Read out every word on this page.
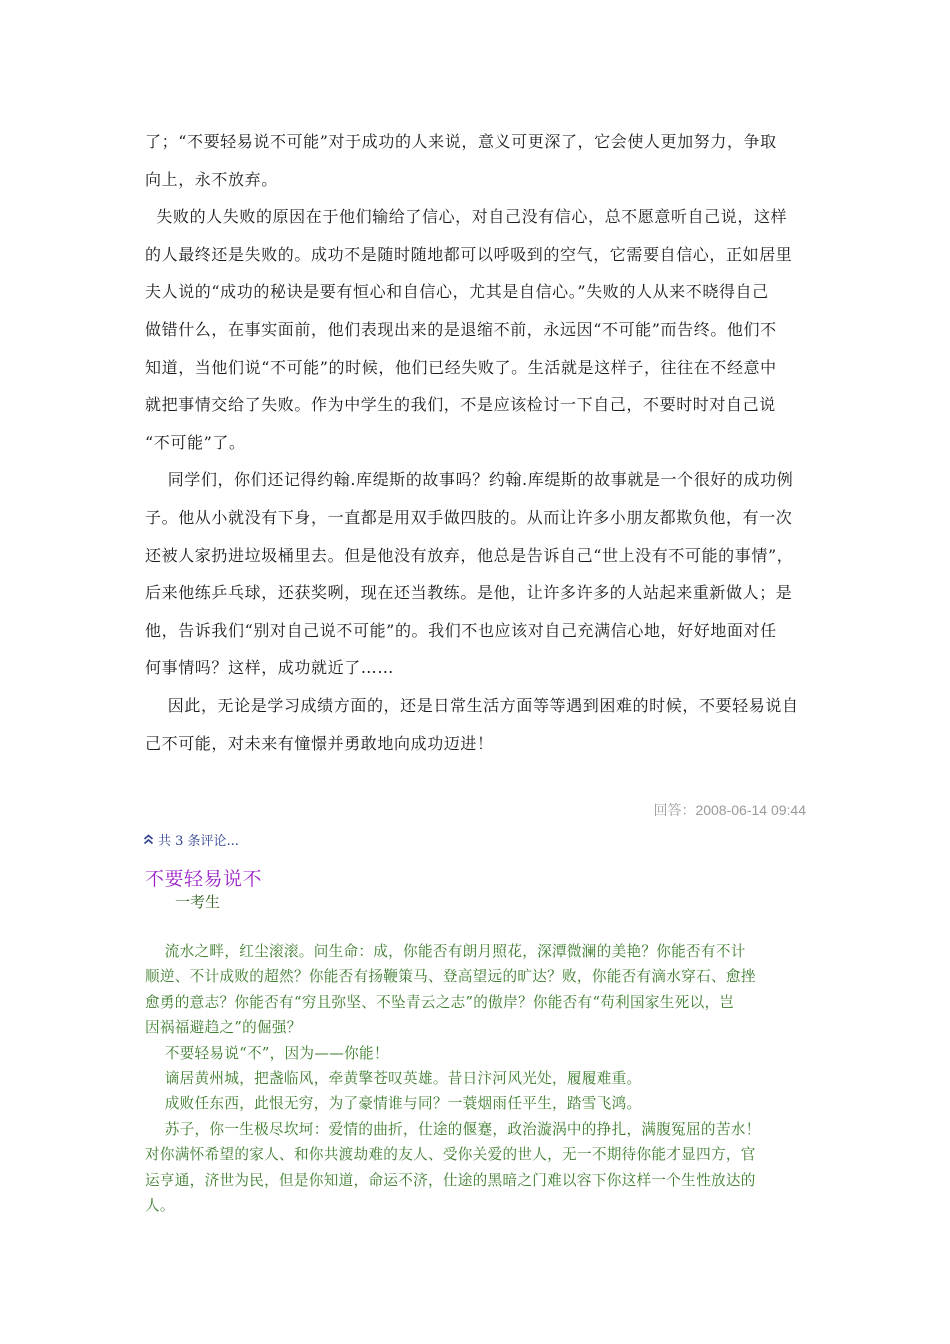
了；“不要轻易说不可能”对于成功的人来说，意义可更深了，它会使人更加努力，争取

向上，永不放弃。

失败的人失败的原因在于他们输给了信心，对自己没有信心，总不愿意听自己说，这样

的人最终还是失败的。成功不是随时随地都可以呼吸到的空气，它需要自信心，正如居里

夫人说的“成功的秘诀是要有恒心和自信心，尤其是自信心。”失败的人从来不晓得自己

做错什么，在事实面前，他们表现出来的是退缩不前，永远因“不可能”而告终。他们不

知道，当他们说“不可能”的时候，他们已经失败了。生活就是这样子，往往在不经意中

就把事情交给了失败。作为中学生的我们，不是应该检讨一下自己，不要时时对自己说

“不可能”了。

同学们，你们还记得约翰.库缇斯的故事吗？约翰.库缇斯的故事就是一个很好的成功例

子。他从小就没有下身，一直都是用双手做四肢的。从而让许多小朋友都欺负他，有一次

还被人家扔进垃圾桶里去。但是他没有放弃，他总是告诉自己“世上没有不可能的事情”，

后来他练乒乓球，还获奖咧，现在还当教练。是他，让许多许多的人站起来重新做人；是

他，告诉我们“别对自己说不可能”的。我们不也应该对自己充满信心地，好好地面对任

何事情吗？这样，成功就近了……

因此，无论是学习成绩方面的，还是日常生活方面等等遇到困难的时候，不要轻易说自

己不可能，对未来有憧憬并勇敢地向成功迈进！

回答：2008-06-14 09:44
共 3 条评论...
不要轻易说不
一考生

流水之畔，红尘滚滚。问生命：成，你能否有朗月照花，深潭微澜的美艳？你能否有不计

顺逆、不计成败的超然？你能否有扬鞭策马、登高望远的旷达？败，你能否有滴水穿石、愈挫

愈勇的意志？你能否有“穷且弥坚、不坠青云之志”的傲岸？你能否有“苟利国家生死以，岂

因祸福避趋之”的倔强？

不要轻易说“不”，因为——你能！

谪居黄州城，把盏临风，牵黄擎苍叹英雄。昔日汴河风光处，履履难重。

成败任东西，此恨无穷，为了豪情谁与同？一蓑烟雨任平生，踏雪飞鸿。

苏子，你一生极尽坎坷：爱情的曲折，仕途的偃蹇，政治漩涡中的挣扎，满腹冤屈的苦水！

对你满怀希望的家人、和你共渡劫难的友人、受你关爱的世人，无一不期待你能才显四方，官

运亨通，济世为民，但是你知道，命运不济，仕途的黑暗之门难以容下你这样一个生性放达的

人。
